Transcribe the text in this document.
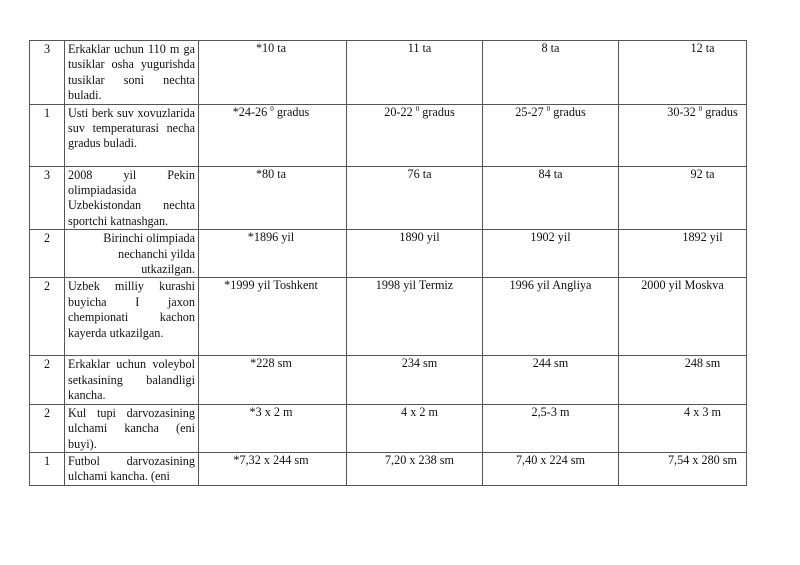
3	Erkaklar uchun 110 m ga tusiklar osha yugurishda tusiklar soni nechta buladi.	*10 ta	11 ta	8 ta	12 ta
1	Usti berk suv xovuzlarida suv temperaturasi necha gradus buladi.	*24-26 $^0$ gradus	20-22 $^0$ gradus	25-27 $^0$ gradus	30-32 $^0$ gradus
3	2008 yil Pekin olimpiadasida Uzbekistondan nechta sportchi katnashgan.	*80 ta	76 ta	84 ta	92 ta
2	Birinchi olimpiada nechanchi yilda utkazilgan.	*1896 yil	1890 yil	1902 yil	1892 yil
2	Uzbek milliy kurashi buyicha I jaxon chempionati kachon kayerda utkazilgan.	*1999 yil Toshkent	1998 yil Termiz	1996 yil Angliya	2000 yil Moskva
2	Erkaklar uchun voleybol setkasining balandligi kancha.	*228 sm	234 sm	244 sm	248 sm
2	Kul tupi darvozasining ulchami kancha (eni buyi).	*3 x 2 m	4 x 2 m	2,5-3 m	4 x 3 m
1	Futbol darvozasining ulchami kancha. (eni	*7,32 x 244 sm	7,20 x 238 sm	7,40 x 224 sm	7,54 x 280 sm
